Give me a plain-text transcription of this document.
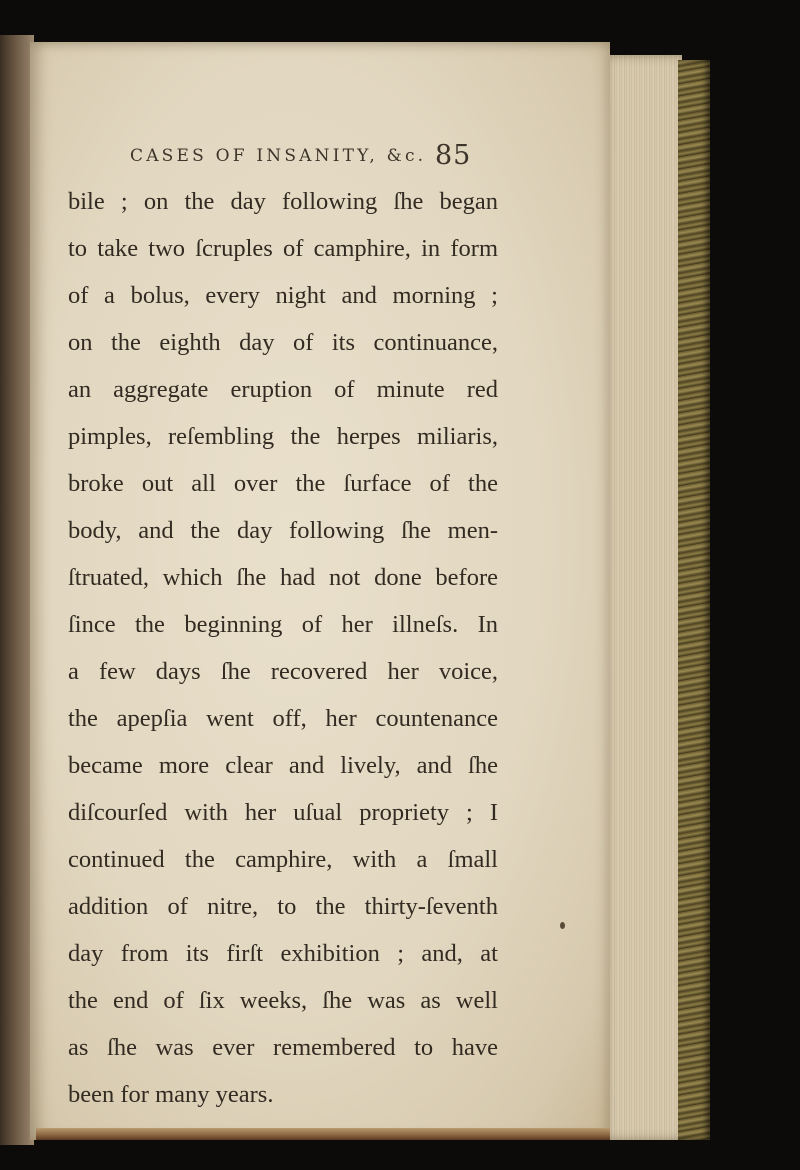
CASES OF INSANITY, &c. 85
bile ; on the day following ſhe began
to take two ſcruples of camphire, in form
of a bolus, every night and morning ;
on the eighth day of its continuance,
an aggregate eruption of minute red
pimples, reſembling the herpes miliaris,
broke out all over the ſurface of the
body, and the day following ſhe men-
ſtruated, which ſhe had not done before
ſince the beginning of her illneſs. In
a few days ſhe recovered her voice,
the apepſia went off, her countenance
became more clear and lively, and ſhe
diſcourſed with her uſual propriety ; I
continued the camphire, with a ſmall
addition of nitre, to the thirty-ſeventh
day from its firſt exhibition ; and, at
the end of ſix weeks, ſhe was as well
as ſhe was ever remembered to have
been for many years.
